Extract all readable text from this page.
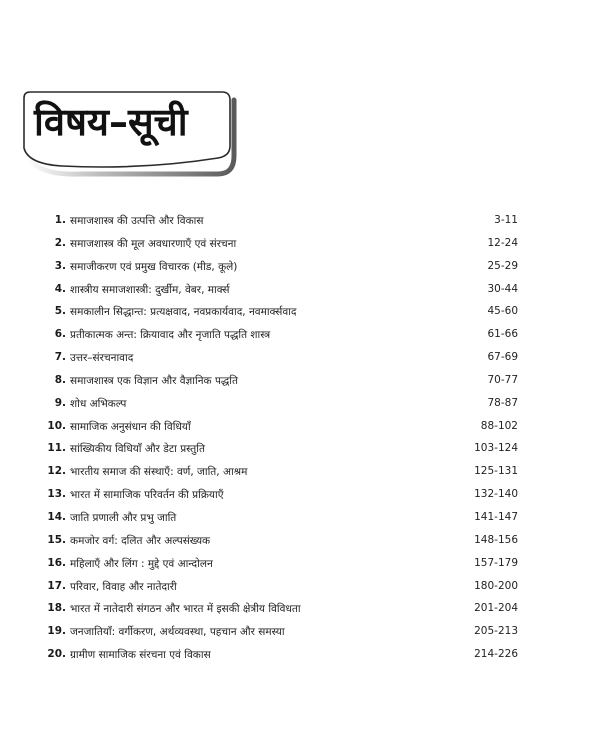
विषय–सूची
1. समाजशास्त्र की उत्पत्ति और विकास	3-11
2. समाजशास्त्र की मूल अवधारणाएँ एवं संरचना	12-24
3. समाजीकरण एवं प्रमुख विचारक (मीड, कूले)	25-29
4. शास्त्रीय समाजशास्त्री: दुर्खीम, वेबर, मार्क्स	30-44
5. समकालीन सिद्धान्त: प्रत्यक्षवाद, नवप्रकार्यवाद, नवमार्क्सवाद	45-60
6. प्रतीकात्मक अन्त: क्रियावाद और नृजाति पद्धति शास्त्र	61-66
7. उत्तर–संरचनावाद	67-69
8. समाजशास्त्र एक विज्ञान और वैज्ञानिक पद्धति	70-77
9. शोध अभिकल्प	78-87
10. सामाजिक अनुसंधान की विधियाँ	88-102
11. सांख्यिकीय विधियाँ और डेटा प्रस्तुति	103-124
12. भारतीय समाज की संस्थाएँ: वर्ण, जाति, आश्रम	125-131
13. भारत में सामाजिक परिवर्तन की प्रक्रियाएँ	132-140
14. जाति प्रणाली और प्रभु जाति	141-147
15. कमजोर वर्ग: दलित और अल्पसंख्यक	148-156
16. महिलाएँ और लिंग : मुद्दे एवं आन्दोलन	157-179
17. परिवार, विवाह और नातेदारी	180-200
18. भारत में नातेदारी संगठन और भारत में इसकी क्षेत्रीय विविधता	201-204
19. जनजातियाँ: वर्गीकरण, अर्थव्यवस्था, पहचान और समस्या	205-213
20. ग्रामीण सामाजिक संरचना एवं विकास	214-226
